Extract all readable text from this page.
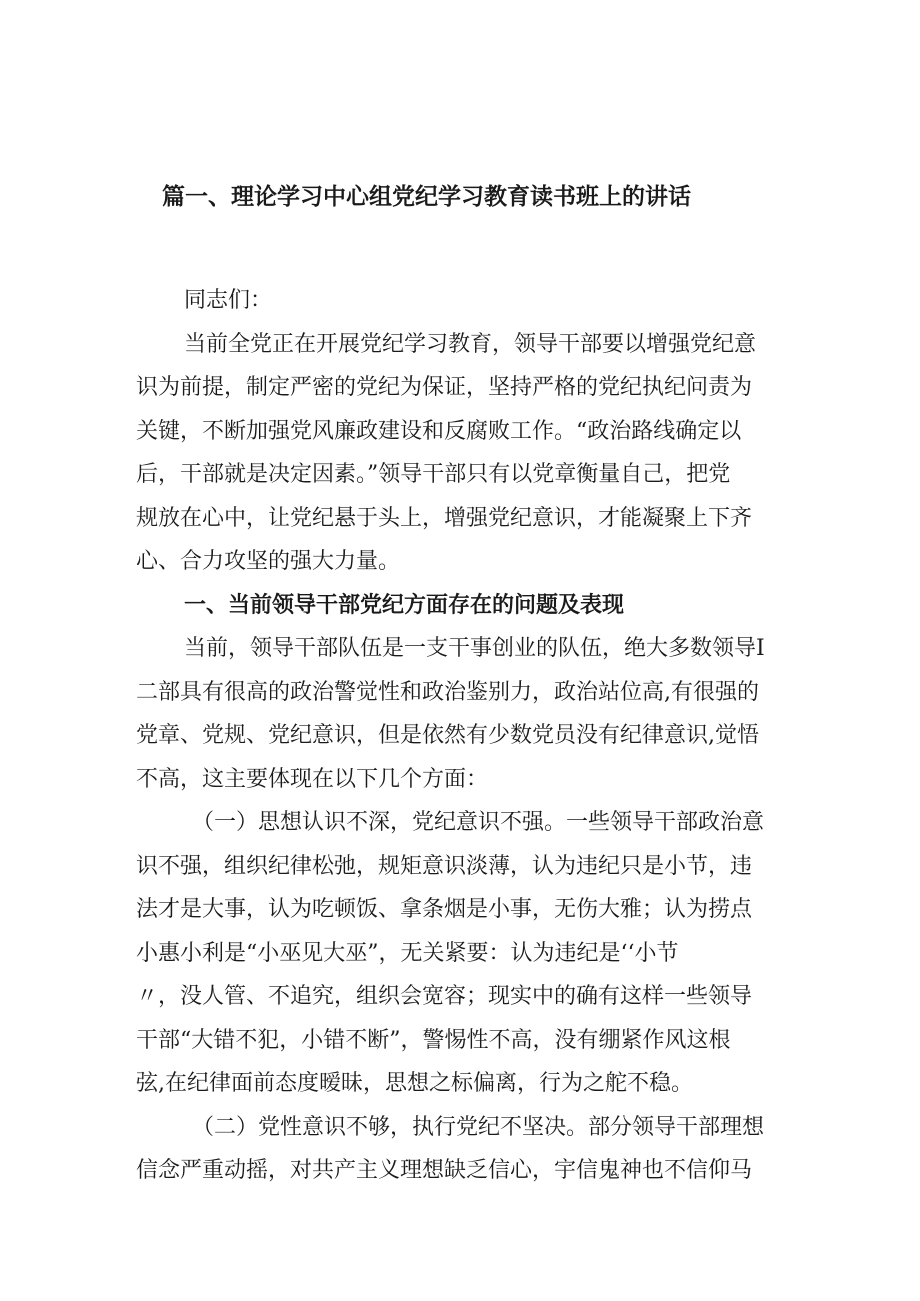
篇一、理论学习中心组党纪学习教育读书班上的讲话
同志们：
当前全党正在开展党纪学习教育，领导干部要以增强党纪意
识为前提，制定严密的党纪为保证，坚持严格的党纪执纪问责为
关键，不断加强党风廉政建设和反腐败工作。“政治路线确定以
后，干部就是决定因素。”领导干部只有以党章衡量自己，把党
规放在心中，让党纪悬于头上，增强党纪意识，才能凝聚上下齐
心、合力攻坚的强大力量。
一、当前领导干部党纪方面存在的问题及表现
当前，领导干部队伍是一支干事创业的队伍，绝大多数领导I
二部具有很高的政治警觉性和政治鉴别力，政治站位高,有很强的
党章、党规、党纪意识，但是依然有少数党员没有纪律意识,觉悟
不高，这主要体现在以下几个方面：
（一）思想认识不深，党纪意识不强。一些领导干部政治意
识不强，组织纪律松弛，规矩意识淡薄，认为违纪只是小节，违
法才是大事，认为吃顿饭、拿条烟是小事，无伤大雅；认为捞点
小惠小利是“小巫见大巫”，无关紧要：认为违纪是‘‘小节
〃，没人管、不追究，组织会宽容；现实中的确有这样一些领导
干部“大错不犯，小错不断”，警惕性不高，没有绷紧作风这根
弦,在纪律面前态度暧昧，思想之标偏离，行为之舵不稳。
（二）党性意识不够，执行党纪不坚决。部分领导干部理想
信念严重动摇，对共产主义理想缺乏信心，宇信鬼神也不信仰马
